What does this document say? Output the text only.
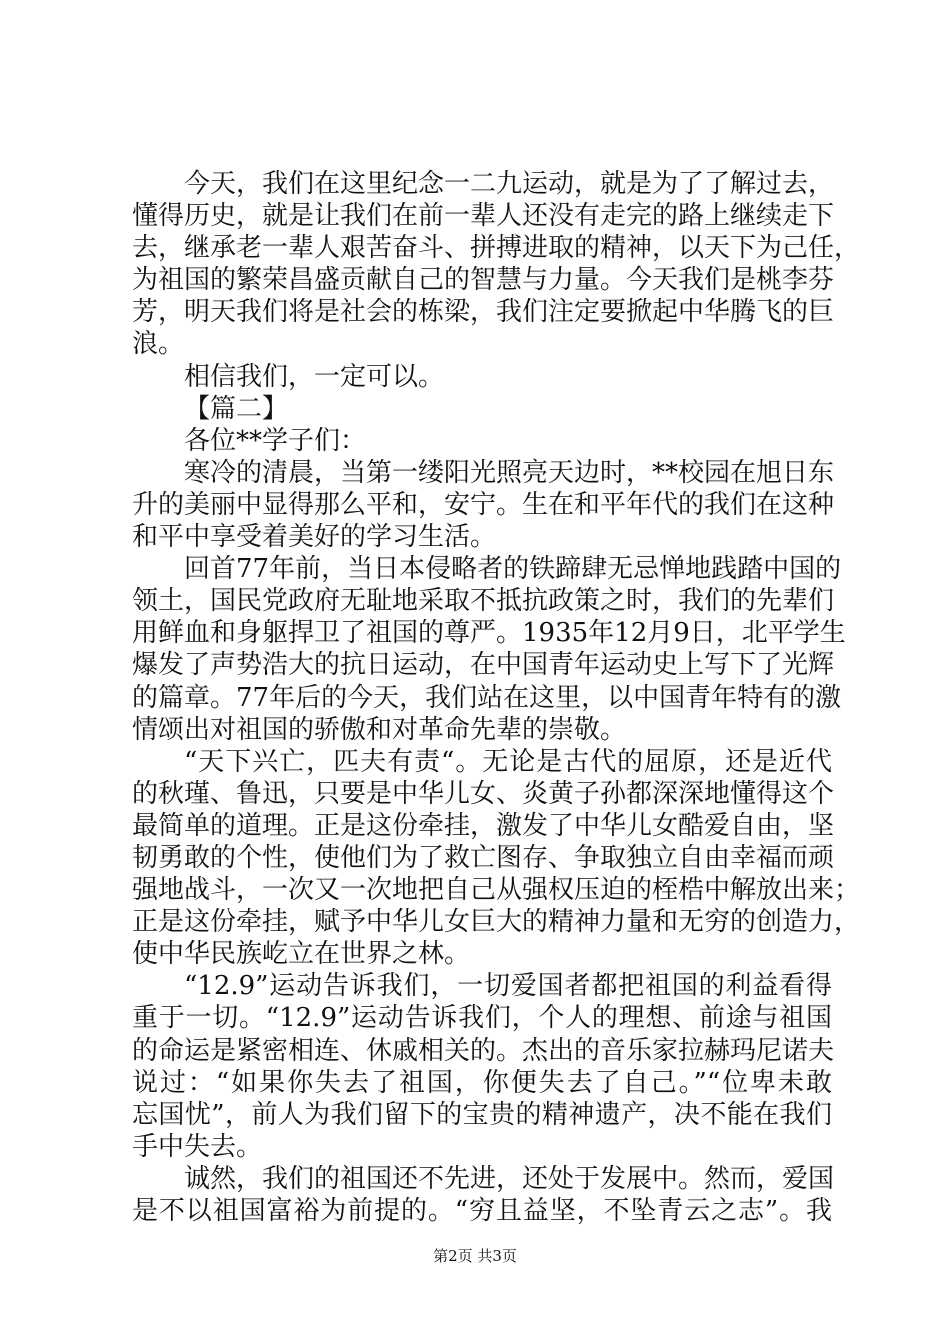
今天，我们在这里纪念一二九运动，就是为了了解过去，
懂得历史，就是让我们在前一辈人还没有走完的路上继续走下
去，继承老一辈人艰苦奋斗、拼搏进取的精神，以天下为己任，
为祖国的繁荣昌盛贡献自己的智慧与力量。今天我们是桃李芬
芳，明天我们将是社会的栋梁，我们注定要掀起中华腾飞的巨
浪。
相信我们，一定可以。
【篇二】
各位**学子们：
寒冷的清晨，当第一缕阳光照亮天边时，**校园在旭日东
升的美丽中显得那么平和，安宁。生在和平年代的我们在这种
和平中享受着美好的学习生活。
回首77年前，当日本侵略者的铁蹄肆无忌惮地践踏中国的
领土，国民党政府无耻地采取不抵抗政策之时，我们的先辈们
用鲜血和身躯捍卫了祖国的尊严。1935年12月9日，北平学生
爆发了声势浩大的抗日运动，在中国青年运动史上写下了光辉
的篇章。77年后的今天，我们站在这里，以中国青年特有的激
情颂出对祖国的骄傲和对革命先辈的崇敬。
“天下兴亡，匹夫有责“。无论是古代的屈原，还是近代
的秋瑾、鲁迅，只要是中华儿女、炎黄子孙都深深地懂得这个
最简单的道理。正是这份牵挂，激发了中华儿女酷爱自由，坚
韧勇敢的个性，使他们为了救亡图存、争取独立自由幸福而顽
强地战斗，一次又一次地把自己从强权压迫的桎梏中解放出来；
正是这份牵挂，赋予中华儿女巨大的精神力量和无穷的创造力，
使中华民族屹立在世界之林。
“12.9”运动告诉我们，一切爱国者都把祖国的利益看得
重于一切。“12.9”运动告诉我们，个人的理想、前途与祖国
的命运是紧密相连、休戚相关的。杰出的音乐家拉赫玛尼诺夫
说过：“如果你失去了祖国，你便失去了自己。”“位卑未敢
忘国忧”，前人为我们留下的宝贵的精神遗产，决不能在我们
手中失去。
诚然，我们的祖国还不先进，还处于发展中。然而，爱国
是不以祖国富裕为前提的。“穷且益坚，不坠青云之志”。我
第2页 共3页
